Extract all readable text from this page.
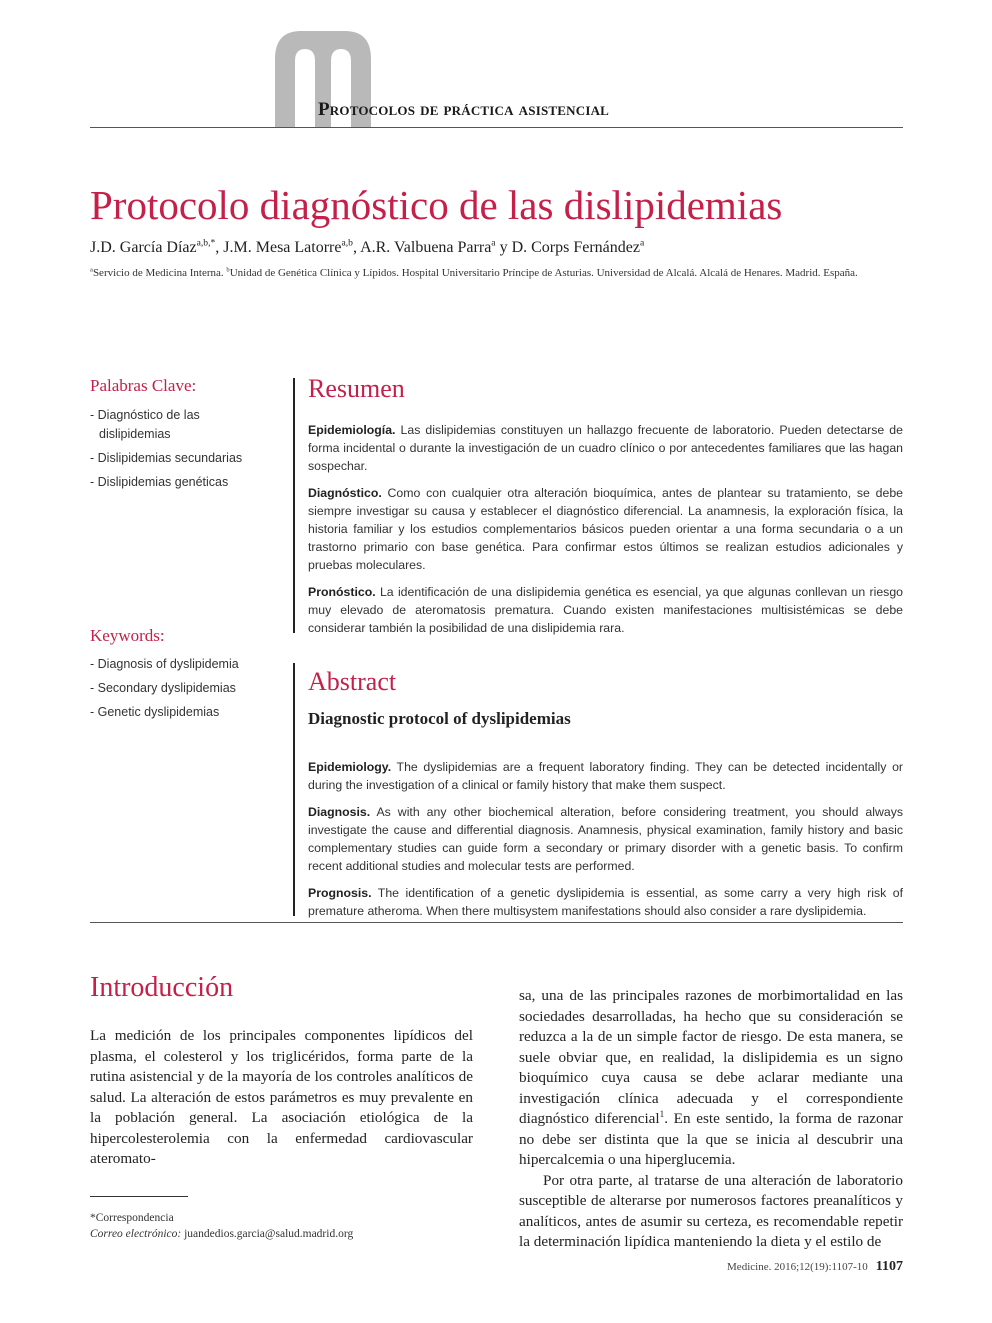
Protocolos de práctica asistencial
Protocolo diagnóstico de las dislipidemias
J.D. García Díaz$^{a,b,*}$, J.M. Mesa Latorre$^{a,b}$, A.R. Valbuena Parra$^a$ y D. Corps Fernández$^a$
$^a$Servicio de Medicina Interna. $^b$Unidad de Genética Clínica y Lípidos. Hospital Universitario Príncipe de Asturias. Universidad de Alcalá. Alcalá de Henares. Madrid. España.
Palabras Clave:
- Diagnóstico de las dislipidemias
- Dislipidemias secundarias
- Dislipidemias genéticas
Keywords:
- Diagnosis of dyslipidemia
- Secondary dyslipidemias
- Genetic dyslipidemias
Resumen

Epidemiología. Las dislipidemias constituyen un hallazgo frecuente de laboratorio. Pueden detectarse de forma incidental o durante la investigación de un cuadro clínico o por antecedentes familiares que las hagan sospechar.

Diagnóstico. Como con cualquier otra alteración bioquímica, antes de plantear su tratamiento, se debe siempre investigar su causa y establecer el diagnóstico diferencial. La anamnesis, la exploración física, la historia familiar y los estudios complementarios básicos pueden orientar a una forma secundaria o a un trastorno primario con base genética. Para confirmar estos últimos se realizan estudios adicionales y pruebas moleculares.

Pronóstico. La identificación de una dislipidemia genética es esencial, ya que algunas conllevan un riesgo muy elevado de ateromatosis prematura. Cuando existen manifestaciones multisistémicas se debe considerar también la posibilidad de una dislipidemia rara.

Abstract

Diagnostic protocol of dyslipidemias

Epidemiology. The dyslipidemias are a frequent laboratory finding. They can be detected incidentally or during the investigation of a clinical or family history that make them suspect.

Diagnosis. As with any other biochemical alteration, before considering treatment, you should always investigate the cause and differential diagnosis. Anamnesis, physical examination, family history and basic complementary studies can guide form a secondary or primary disorder with a genetic basis. To confirm recent additional studies and molecular tests are performed.

Prognosis. The identification of a genetic dyslipidemia is essential, as some carry a very high risk of premature atheroma. When there multisystem manifestations should also consider a rare dyslipidemia.

Introducción

La medición de los principales componentes lipídicos del plasma, el colesterol y los triglicéridos, forma parte de la rutina asistencial y de la mayoría de los controles analíticos de salud. La alteración de estos parámetros es muy prevalente en la población general. La asociación etiológica de la hipercolesterolemia con la enfermedad cardiovascular ateromato-

sa, una de las principales razones de morbimortalidad en las sociedades desarrolladas, ha hecho que su consideración se reduzca a la de un simple factor de riesgo. De esta manera, se suele obviar que, en realidad, la dislipidemia es un signo bioquímico cuya causa se debe aclarar mediante una investigación clínica adecuada y el correspondiente diagnóstico diferencial$^1$. En este sentido, la forma de razonar no debe ser distinta que la que se inicia al descubrir una hipercalcemia o una hiperglucemia.

Por otra parte, al tratarse de una alteración de laboratorio susceptible de alterarse por numerosos factores preanalíticos y analíticos, antes de asumir su certeza, es recomendable repetir la determinación lipídica manteniendo la dieta y el estilo de

*Correspondencia
Correo electrónico: juandedios.garcia@salud.madrid.org
Medicine. 2016;12(19):1107-10 1107
